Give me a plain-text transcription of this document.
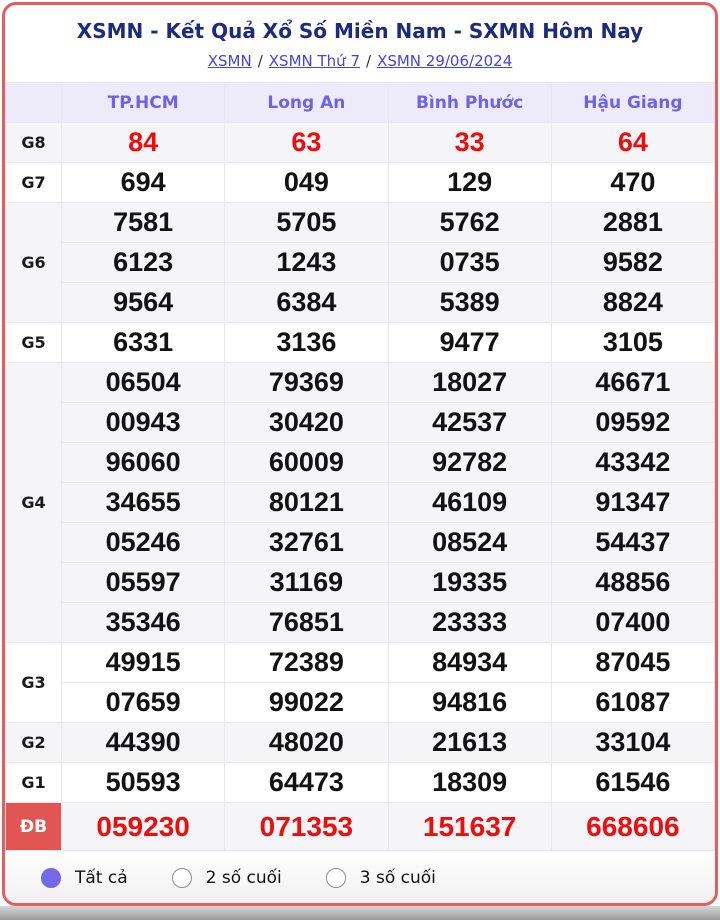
XSMN - Kết Quả Xổ Số Miền Nam - SXMN Hôm Nay
XSMN / XSMN Thứ 7 / XSMN 29/06/2024
	TP.HCM	Long An	Bình Phước	Hậu Giang
G8	84	63	33	64
G7	694	049	129	470
G6	7581	5705	5762	2881
	6123	1243	0735	9582
	9564	6384	5389	8824
G5	6331	3136	9477	3105
G4	06504	79369	18027	46671
	00943	30420	42537	09592
	96060	60009	92782	43342
	34655	80121	46109	91347
	05246	32761	08524	54437
	05597	31169	19335	48856
	35346	76851	23333	07400
G3	49915	72389	84934	87045
	07659	99022	94816	61087
G2	44390	48020	21613	33104
G1	50593	64473	18309	61546
ĐB	059230	071353	151637	668606
Tất cả	2 số cuối	3 số cuối
